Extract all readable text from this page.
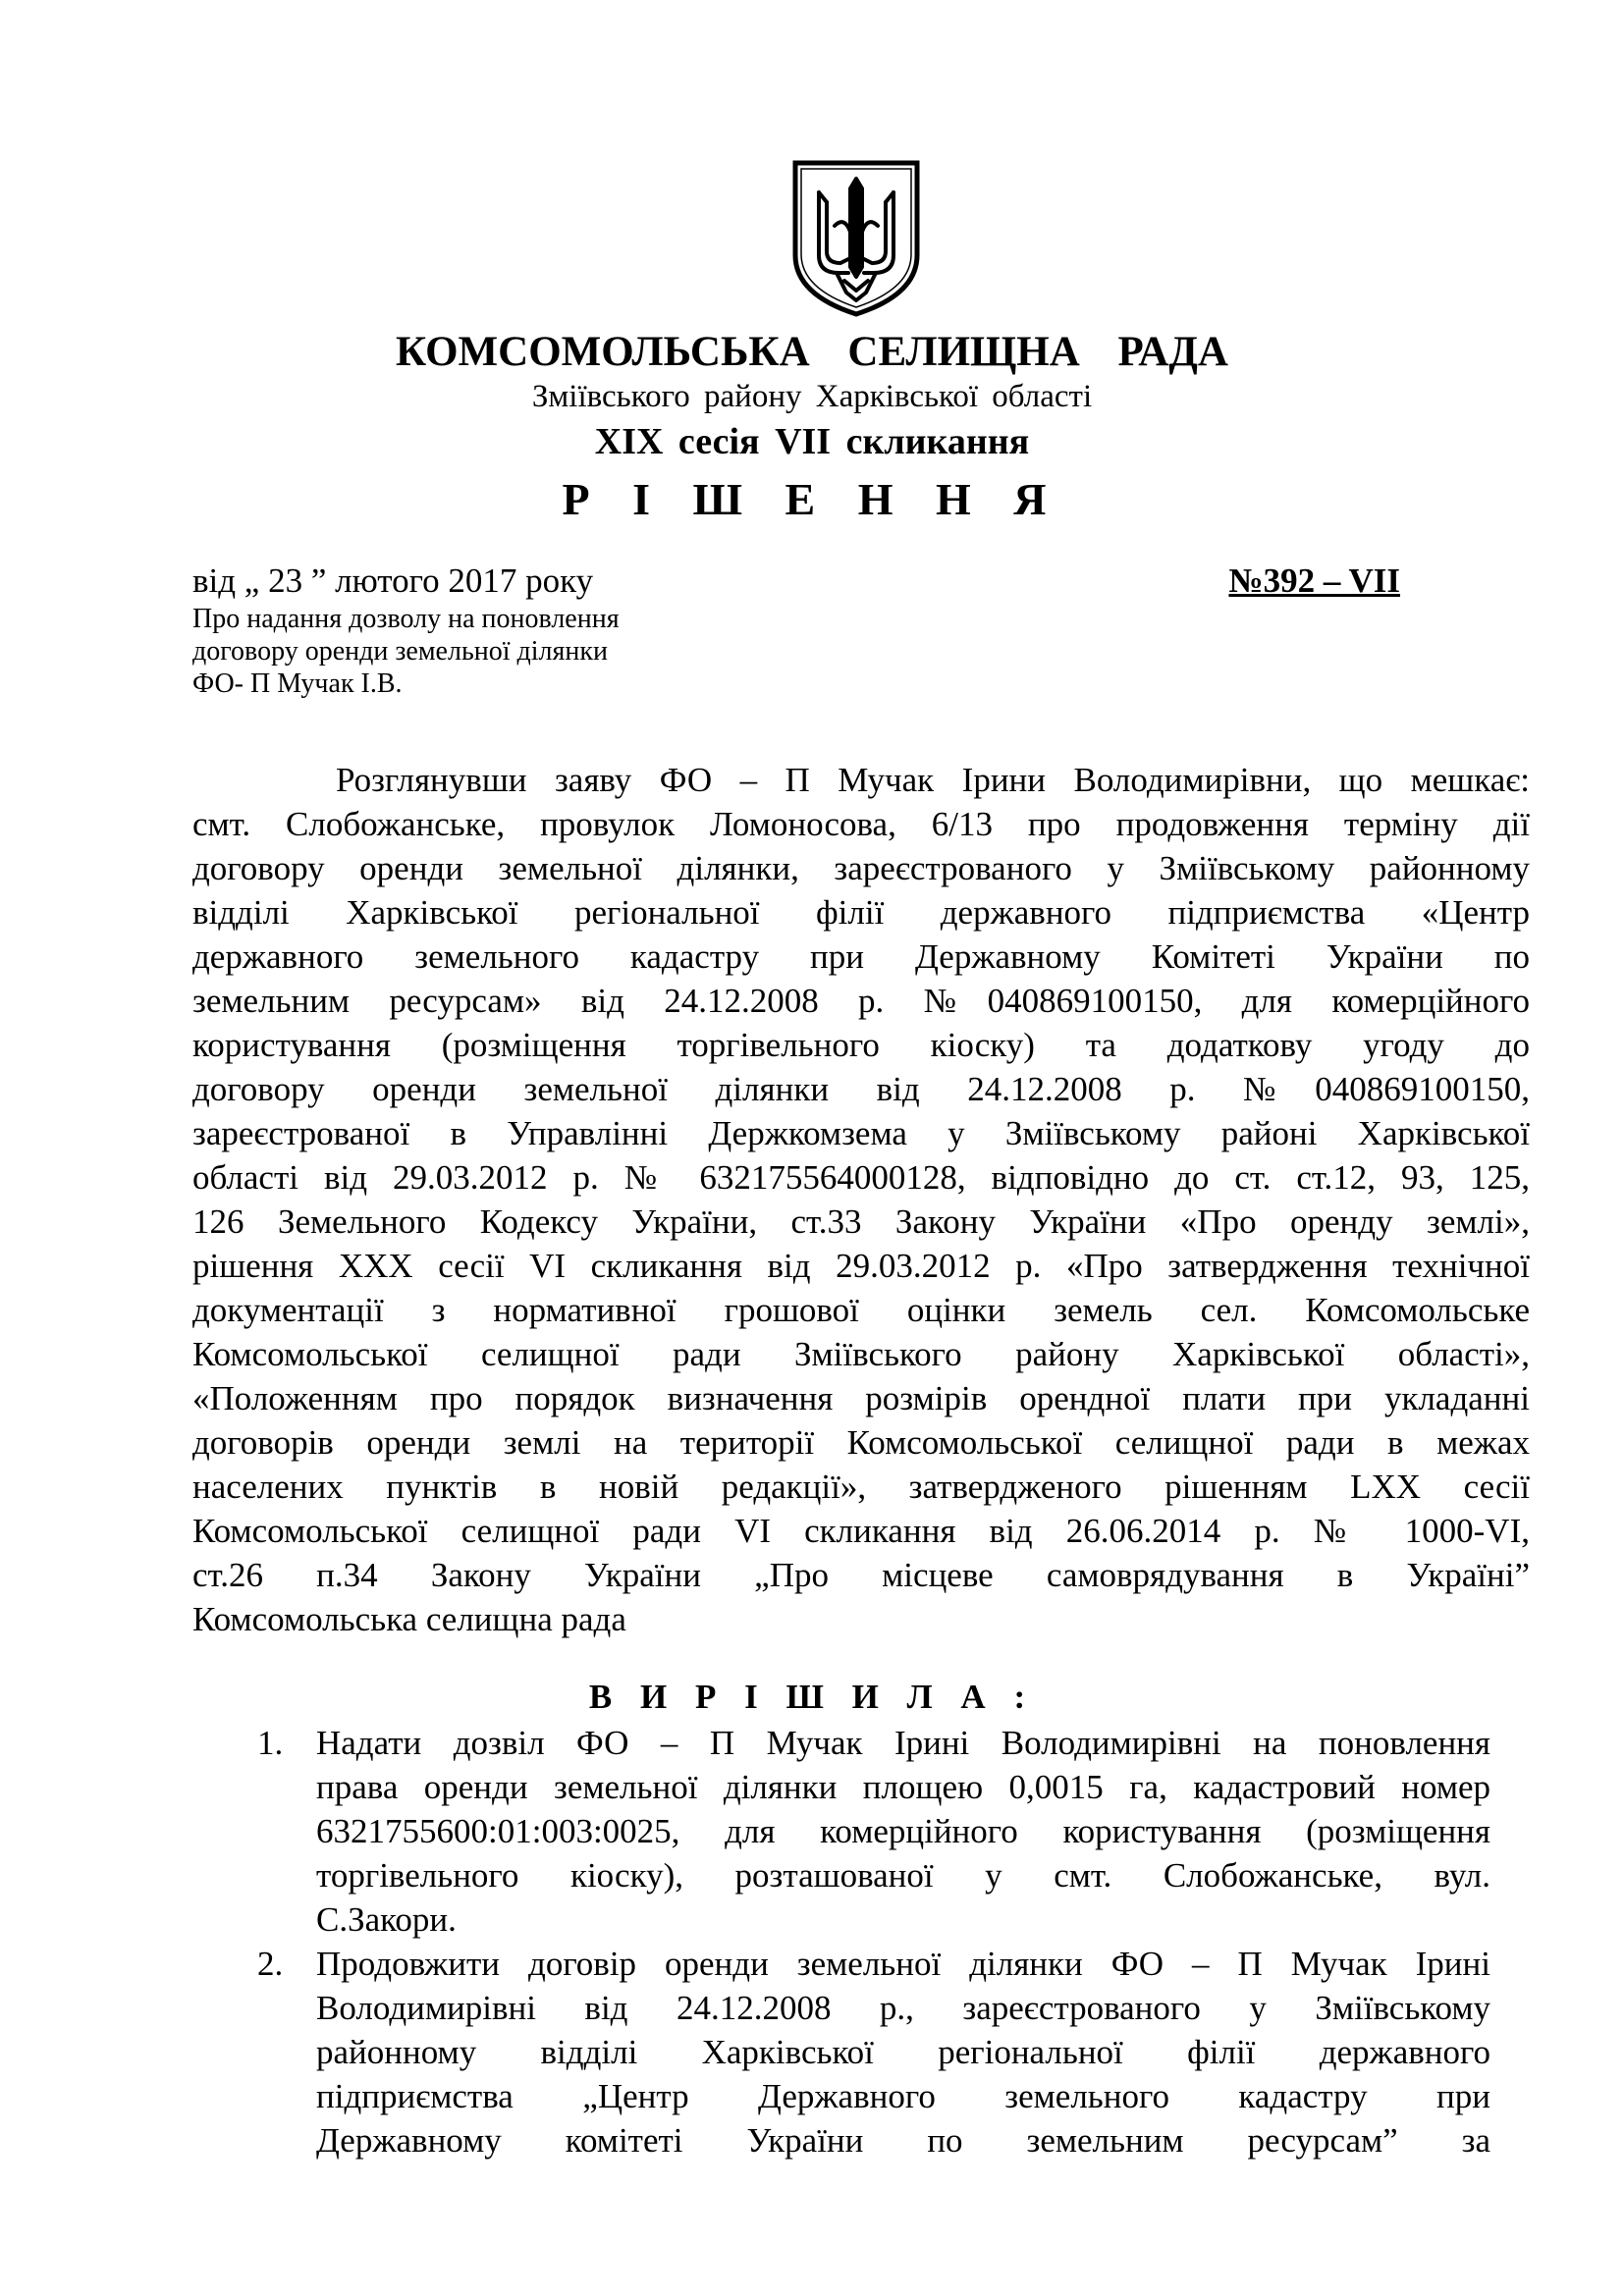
КОМСОМОЛЬСЬКА СЕЛИЩНА РАДА
Зміївського району Харківської області
ХІХ сесія VII скликання
Р І Ш Е Н Н Я
від „ 23 ” лютого 2017 року	№392 – VІІ
Про надання дозволу на поновлення
договору оренди земельної ділянки
ФО- П Мучак І.В.
Розглянувши заяву ФО – П Мучак Ірини Володимирівни, що мешкає:
смт. Слобожанське, провулок Ломоносова, 6/13 про продовження терміну дії
договору оренди земельної ділянки, зареєстрованого у Зміївському районному
відділі Харківської регіональної філії державного підприємства «Центр
державного земельного кадастру при Державному Комітеті України по
земельним ресурсам» від 24.12.2008 р. №040869100150, для комерційного
користування (розміщення торгівельного кіоску) та додаткову угоду до
договору оренди земельної ділянки від 24.12.2008 р. №040869100150,
зареєстрованої в Управлінні Держкомзема у Зміївському районі Харківської
області від 29.03.2012 р. № 632175564000128, відповідно до ст. ст.12, 93, 125,
126 Земельного Кодексу України, ст.33 Закону України «Про оренду землі»,
рішення ХХХ сесії VІ скликання від 29.03.2012 р. «Про затвердження технічної
документації з нормативної грошової оцінки земель сел. Комсомольське
Комсомольської селищної ради Зміївського району Харківської області»,
«Положенням про порядок визначення розмірів орендної плати при укладанні
договорів оренди землі на території Комсомольської селищної ради в межах
населених пунктів в новій редакції», затвердженого рішенням LXX сесії
Комсомольської селищної ради VІ скликання від 26.06.2014 р. № 1000-VI,
ст.26 п.34 Закону України „Про місцеве самоврядування в Україні”
Комсомольська селищна рада
В И Р І Ш И Л А :
1. Надати дозвіл ФО – П Мучак Ірині Володимирівні на поновлення
права оренди земельної ділянки площею 0,0015 га, кадастровий номер
6321755600:01:003:0025, для комерційного користування (розміщення
торгівельного кіоску), розташованої у смт. Слобожанське, вул.
С.Закори.
2. Продовжити договір оренди земельної ділянки ФО – П Мучак Ірині
Володимирівні від 24.12.2008 р., зареєстрованого у Зміївському
районному відділі Харківської регіональної філії державного
підприємства „Центр Державного земельного кадастру при
Державному комітеті України по земельним ресурсам” за
